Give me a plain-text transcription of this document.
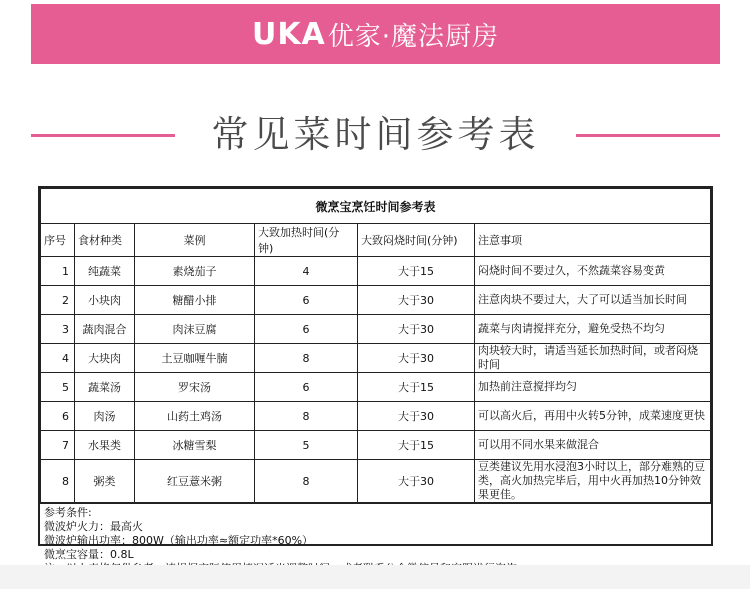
UKA 优家·魔法厨房
常见菜时间参考表
微烹宝烹饪时间参考表					
序号	食材种类	菜例	大致加热时间(分钟)	大致闷烧时间(分钟)	注意事项
1	纯蔬菜	素烧茄子	4	大于15	闷烧时间不要过久，不然蔬菜容易变黄
2	小块肉	糖醋小排	6	大于30	注意肉块不要过大，大了可以适当加长时间
3	蔬肉混合	肉沫豆腐	6	大于30	蔬菜与肉请搅拌充分，避免受热不均匀
4	大块肉	土豆咖喱牛腩	8	大于30	肉块较大时，请适当延长加热时间，或者闷烧时间
5	蔬菜汤	罗宋汤	6	大于15	加热前注意搅拌均匀
6	肉汤	山药土鸡汤	8	大于30	可以高火后，再用中火转5分钟，成菜速度更快
7	水果类	冰糖雪梨	5	大于15	可以用不同水果来做混合
8	粥类	红豆薏米粥	8	大于30	豆类建议先用水浸泡3小时以上，部分难熟的豆类，高火加热完毕后，用中火再加热10分钟效果更佳。
参考条件:
微波炉火力：最高火
微波炉输出功率：800W（输出功率≈额定功率*60%）
微烹宝容量：0.8L
